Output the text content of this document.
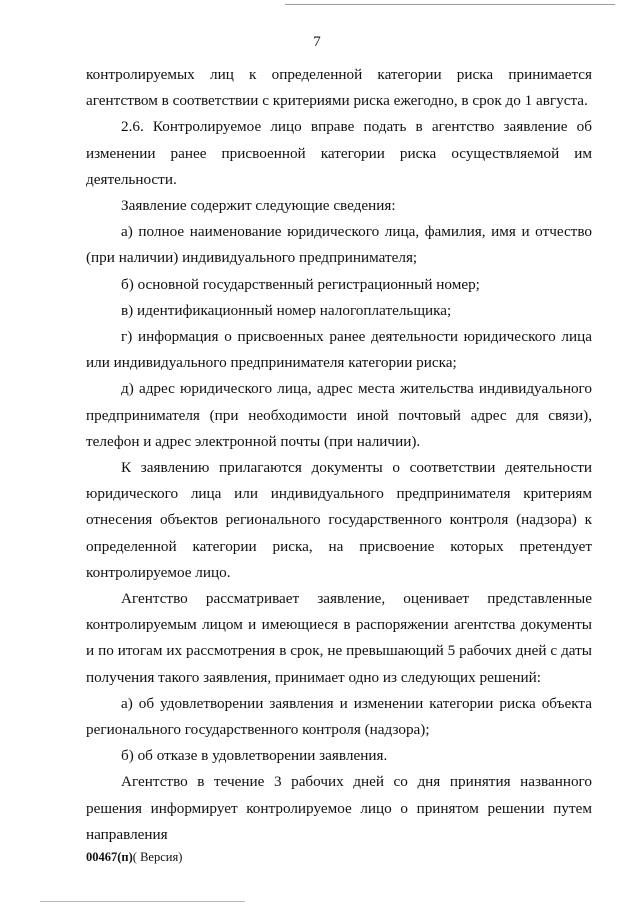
7

контролируемых лиц к определенной категории риска принимается агентством в соответствии с критериями риска ежегодно, в срок до 1 августа.

2.6. Контролируемое лицо вправе подать в агентство заявление об изменении ранее присвоенной категории риска осуществляемой им деятельности.

Заявление содержит следующие сведения:

а) полное наименование юридического лица, фамилия, имя и отчество (при наличии) индивидуального предпринимателя;

б) основной государственный регистрационный номер;

в) идентификационный номер налогоплательщика;

г) информация о присвоенных ранее деятельности юридического лица или индивидуального предпринимателя категории риска;

д) адрес юридического лица, адрес места жительства индивидуального предпринимателя (при необходимости иной почтовый адрес для связи), телефон и адрес электронной почты (при наличии).

К заявлению прилагаются документы о соответствии деятельности юридического лица или индивидуального предпринимателя критериям отнесения объектов регионального государственного контроля (надзора) к определенной категории риска, на присвоение которых претендует контролируемое лицо.

Агентство рассматривает заявление, оценивает представленные контролируемым лицом и имеющиеся в распоряжении агентства документы и по итогам их рассмотрения в срок, не превышающий 5 рабочих дней с даты получения такого заявления, принимает одно из следующих решений:

а) об удовлетворении заявления и изменении категории риска объекта регионального государственного контроля (надзора);

б) об отказе в удовлетворении заявления.

Агентство в течение 3 рабочих дней со дня принятия названного решения информирует контролируемое лицо о принятом решении путем направления

00467(п)( Версия)
